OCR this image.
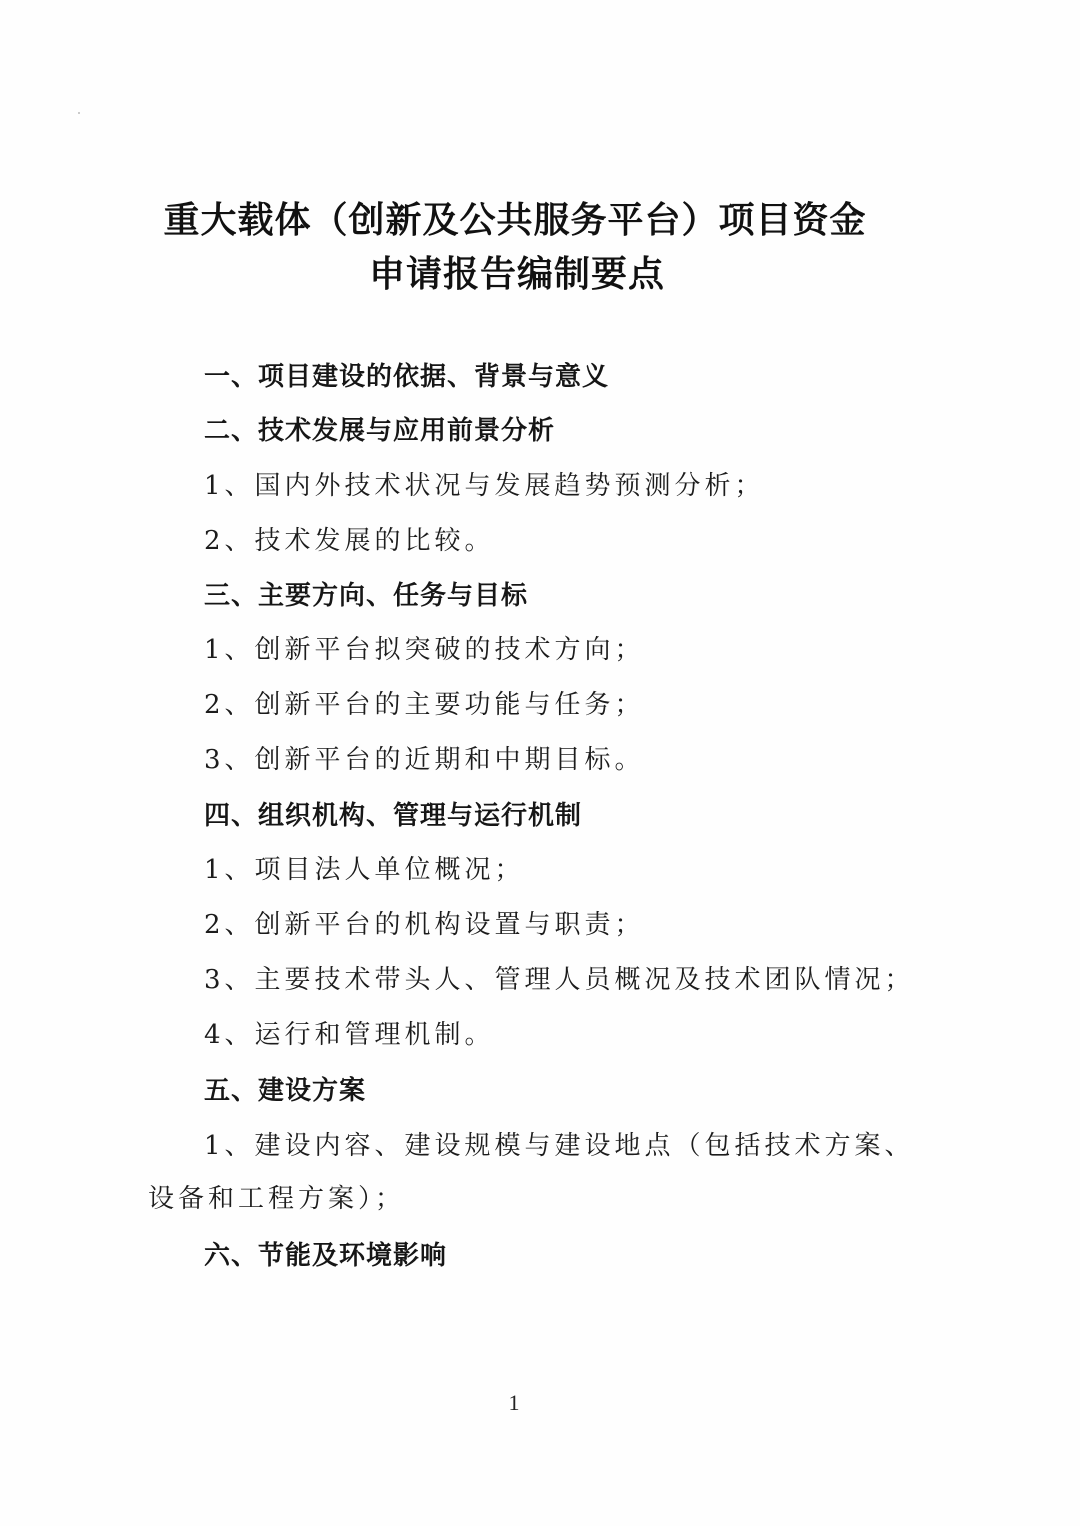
重大载体（创新及公共服务平台）项目资金
申请报告编制要点
一、项目建设的依据、背景与意义
二、技术发展与应用前景分析
1、国内外技术状况与发展趋势预测分析；
2、技术发展的比较。
三、主要方向、任务与目标
1、创新平台拟突破的技术方向；
2、创新平台的主要功能与任务；
3、创新平台的近期和中期目标。
四、组织机构、管理与运行机制
1、项目法人单位概况；
2、创新平台的机构设置与职责；
3、主要技术带头人、管理人员概况及技术团队情况；
4、运行和管理机制。
五、建设方案
1、建设内容、建设规模与建设地点（包括技术方案、
设备和工程方案）；
六、节能及环境影响
1
